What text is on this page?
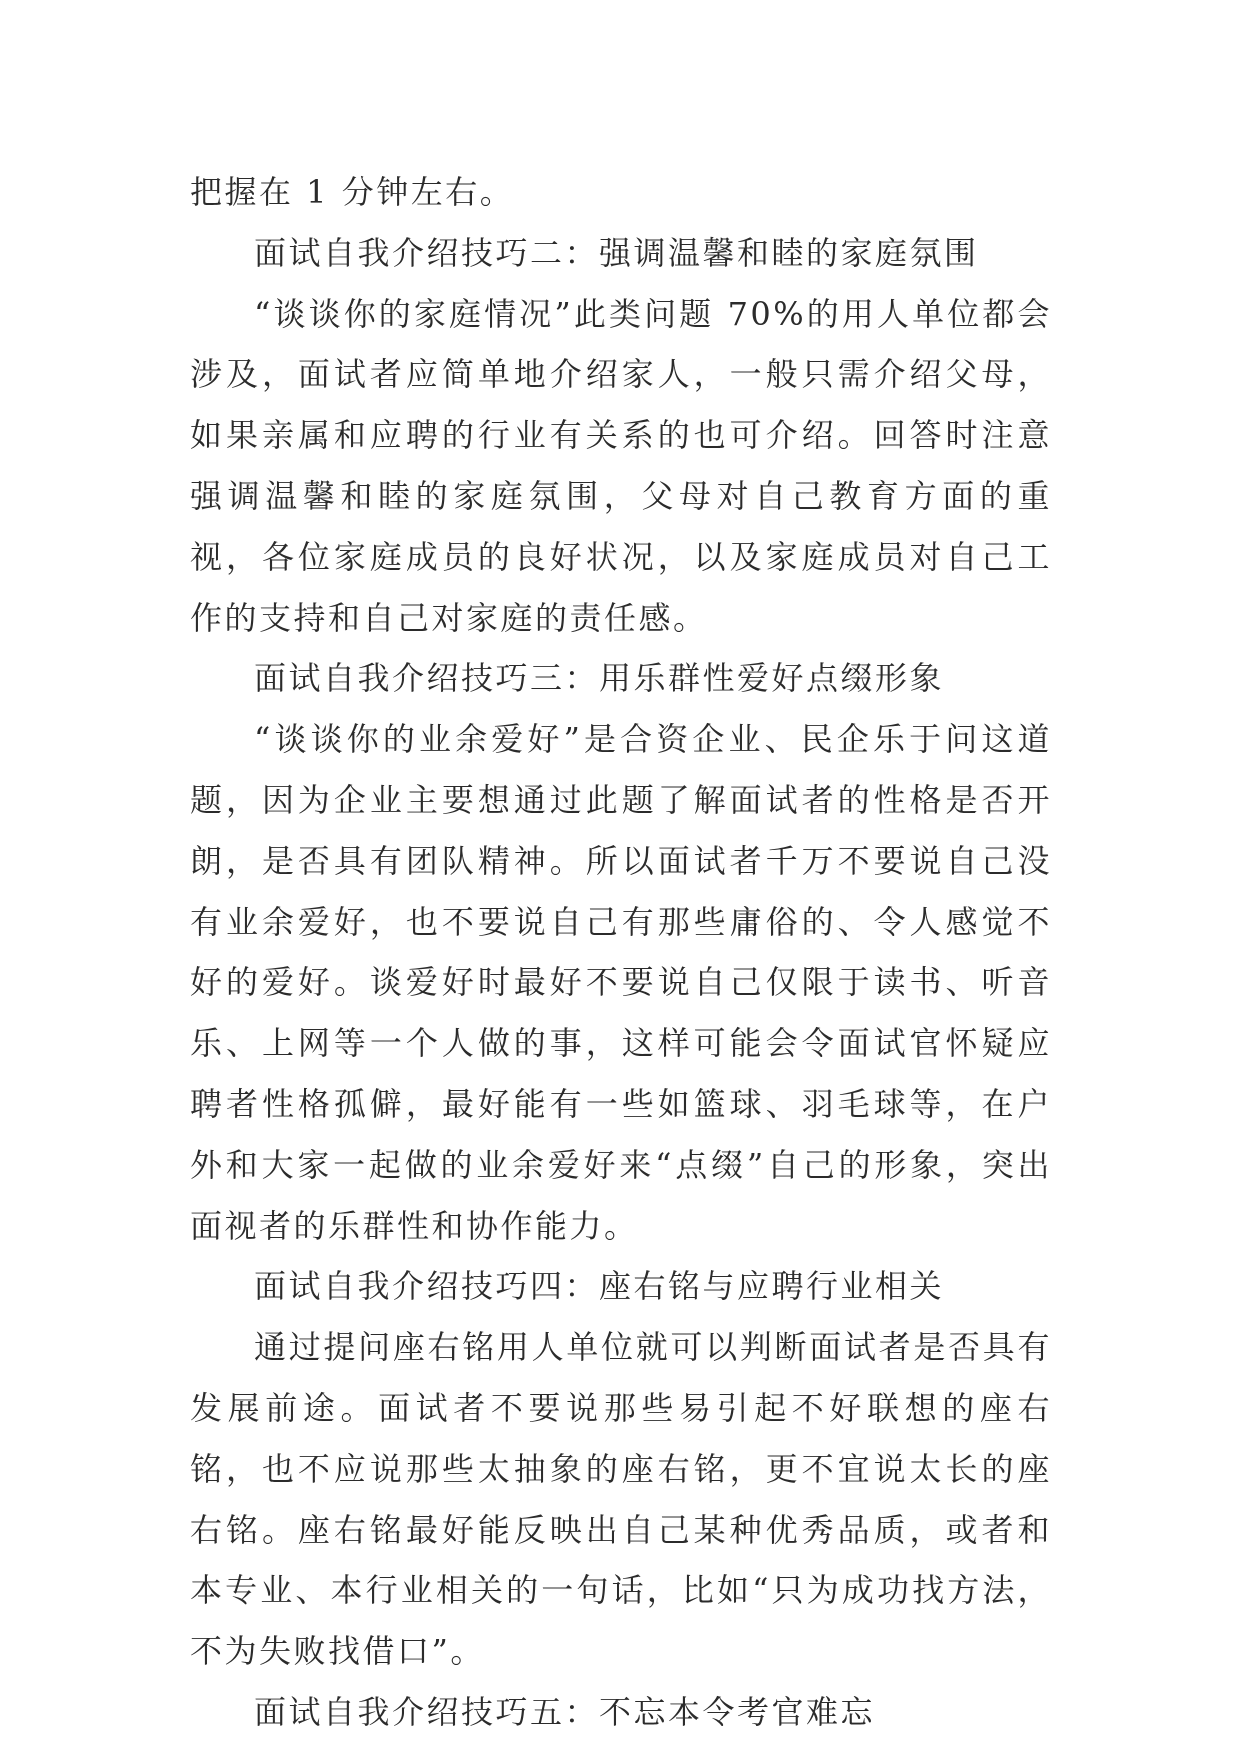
把握在 1 分钟左右。

面试自我介绍技巧二：强调温馨和睦的家庭氛围

“谈谈你的家庭情况”此类问题 70%的用人单位都会涉及，面试者应简单地介绍家人，一般只需介绍父母，如果亲属和应聘的行业有关系的也可介绍。回答时注意强调温馨和睦的家庭氛围，父母对自己教育方面的重视，各位家庭成员的良好状况，以及家庭成员对自己工作的支持和自己对家庭的责任感。

面试自我介绍技巧三：用乐群性爱好点缀形象

“谈谈你的业余爱好”是合资企业、民企乐于问这道题，因为企业主要想通过此题了解面试者的性格是否开朗，是否具有团队精神。所以面试者千万不要说自己没有业余爱好，也不要说自己有那些庸俗的、令人感觉不好的爱好。谈爱好时最好不要说自己仅限于读书、听音乐、上网等一个人做的事，这样可能会令面试官怀疑应聘者性格孤僻，最好能有一些如篮球、羽毛球等，在户外和大家一起做的业余爱好来“点缀”自己的形象，突出面视者的乐群性和协作能力。

面试自我介绍技巧四：座右铭与应聘行业相关

通过提问座右铭用人单位就可以判断面试者是否具有发展前途。面试者不要说那些易引起不好联想的座右铭，也不应说那些太抽象的座右铭，更不宜说太长的座右铭。座右铭最好能反映出自己某种优秀品质，或者和本专业、本行业相关的一句话，比如“只为成功找方法，不为失败找借口”。

面试自我介绍技巧五：不忘本令考官难忘
